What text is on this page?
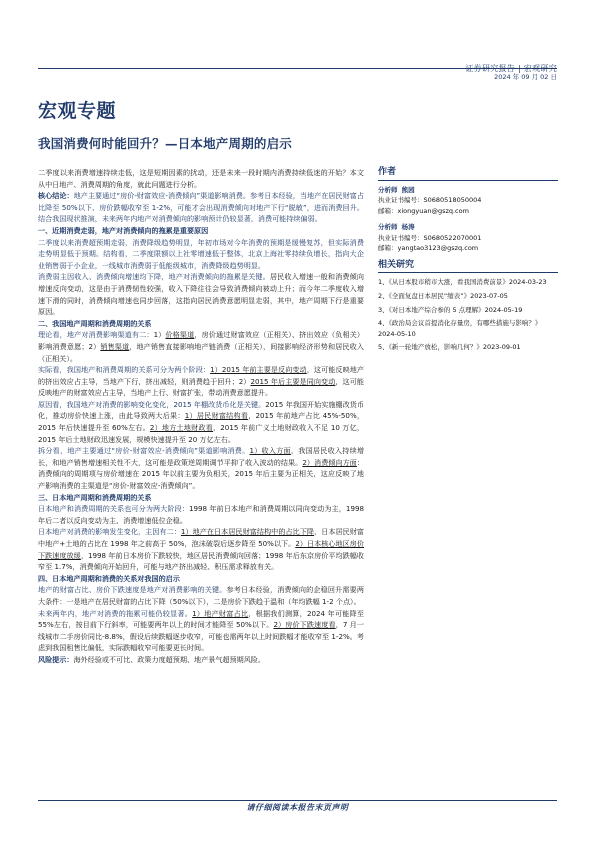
2024 年 09 月 02 日
宏观专题
我国消费何时能回升？—日本地产周期的启示

二季度以来消费增速持续走低，这是短期因素的扰动，还是未来一段时期内消费持续低迷的开始？本文从中日地产、消费周期的角度，就此问题进行分析。

核心结论：地产主要通过“房价-财富效应-消费倾向”渠道影响消费。参考日本经验，当地产在居民财富占比降至 50%以下、房价跌幅收窄至 1-2%，可能才会出现消费倾向对地产下行“脱敏”，进而消费回升。结合我国现状推演，未来两年内地产对消费倾向的影响预计仍较显著，消费可能持续偏弱。

一、近期消费走弱，地产对消费倾向的拖累是重要原因

二季度以来消费超预期走弱，消费降级趋势明显，年初市场对今年消费的预期是缓慢复苏，但实际消费走势明显低于预期。结构看，二季度限额以上社零增速低于整体，北京上海社零持续负增长，指向大企业销售弱于小企业，一线城市消费弱于低能级城市，消费降级趋势明显。

消费弱主因收入、消费倾向增速均下降，地产对消费倾向的拖累是关键。居民收入增速一般和消费倾向增速反向变动，这是由于消费韧性较强，收入下降往往会导致消费倾向被动上升；而今年二季度收入增速下滑的同时，消费倾向增速也同步回落，这指向居民消费意愿明显走弱，其中，地产周期下行是重要原因。

二、我国地产周期和消费周期的关系

理论看，地产对消费影响渠道有二：1）价格渠道，房价通过财富效应（正相关）、挤出效应（负相关）影响消费意愿；2）销售渠道，地产销售直接影响地产链消费（正相关），间接影响经济形势和居民收入（正相关）。

实际看，我国地产和消费周期的关系可分为两个阶段：1）2015 年前主要是反向变动，这可能反映地产的挤出效应占主导，当地产下行，挤出减轻，则消费趋于回升；2）2015 年后主要是同向变动，这可能反映地产的财富效应占主导，当地产上行、财富扩张，带动消费意愿提升。

原因看，我国地产对消费的影响变化变化，2015 年棚改货币化是关键。2015 年我国开始实施棚改货币化，推动房价快速上涨，由此导致两大后果：1）居民财富结构看，2015 年前地产占比 45%-50%，2015 年后快速提升至 60%左右。2）地方土地财政看，2015 年前广义土地财政收入不足 10 万亿，2015 年后土地财政迅速发展，规模快速提升至 20 万亿左右。

拆分看，地产主要通过“房价-财富效应-消费倾向”渠道影响消费。1）收入方面，我国居民收入持续增长，和地产销售增速相关性不大，这可能是政策逆周期调节平抑了收入波动的结果。2）消费倾向方面：消费倾向的周期项与房价增速在 2015 年以前主要为负相关，2015 年后主要为正相关，这应反映了地产影响消费的主渠道是“房价-财富效应-消费倾向”。

三、日本地产周期和消费周期的关系

日本地产和消费周期的关系也可分为两大阶段：1998 年前日本地产和消费周期以同向变动为主，1998 年后二者以反向变动为主、消费增速低位企稳。

日本地产对消费的影响发生变化，主因有二：1）地产在日本居民财富结构中的占比下降，日本居民财富中地产+土地的占比在 1998 年之前高于 50%，泡沫破裂后逐步降至 50%以下。2）日本核心地区房价下跌速度放缓，1998 年前日本房价下跌较快，地区居民消费倾向回落；1998 年后东京房价平均跌幅收窄至 1.7%，消费倾向开始回升，可能与地产挤出减轻、积压需求释放有关。

四、日本地产周期和消费的关系对我国的启示

地产的财富占比、房价下跌速度是地产对消费影响的关键。参考日本经验，消费倾向的企稳回升需要两大条件：一是地产在居民财富的占比下降（50%以下），二是房价下跌趋于温和（年均跌幅 1-2 个点）。

未来两年内，地产对消费的拖累可能仍较显著。1）地产财富占比，根据我们测算，2024 年可能降至 55%左右，按目前下行斜率，可能要两年以上的时间才能降至 50%以下。2）房价下跌速度看，7 月一线城市二手房价同比-8.8%，假设后续跌幅逐步收窄，可能也需两年以上时间跌幅才能收窄至 1-2%。考虑到我国租售比偏低，实际跌幅收窄可能要更长时间。

风险提示：海外经验或不可比、政策力度超预期、地产景气超预期风险。

作者
分析师 熊园
执业证书编号：S0680518050004
邮箱：xiongyuan@gszq.com
分析师 杨涛
执业证书编号：S0680522070001
邮箱：yangtao3123@gszq.com
相关研究
1、《从日本股市稍市大涨，看我国消费前景》2024-03-23
2、《全面复盘日本居民“缩表”》2023-07-05
3、《对日本地产综合参的 5 点理解》2024-05-19
4、《政治局会议首提消化存量房，有哪些措施与影响？》2024-05-10
5、《新一轮地产放松，影响几何？》2023-09-01
请仔细阅读本报告末页声明
